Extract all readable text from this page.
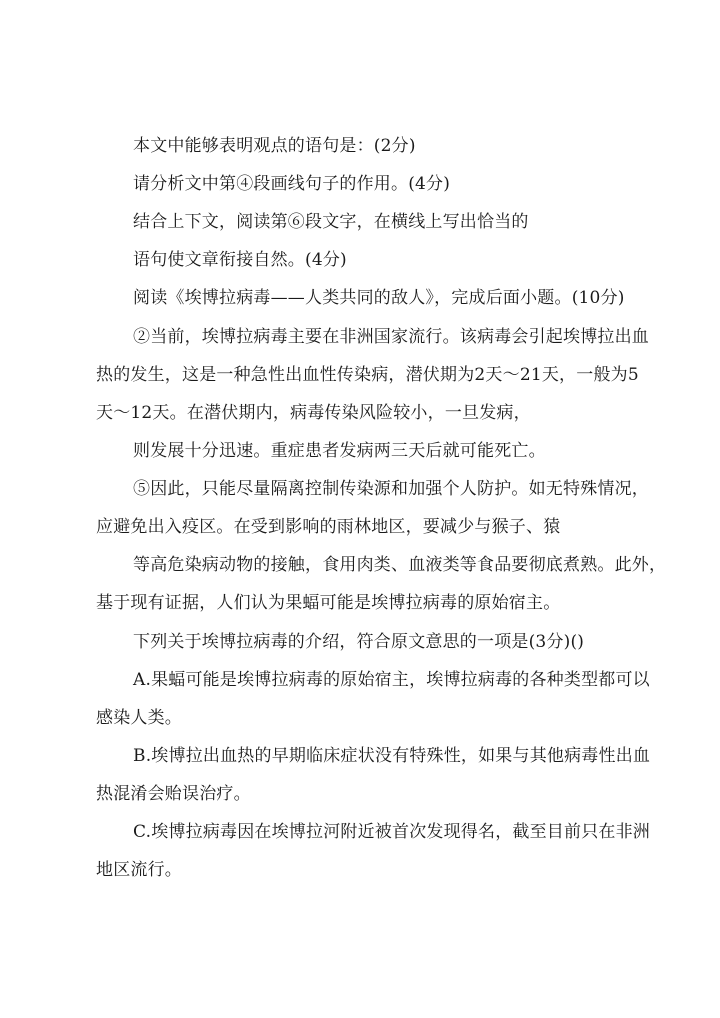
本文中能够表明观点的语句是：(2分)
请分析文中第④段画线句子的作用。(4分)
结合上下文，阅读第⑥段文字，在横线上写出恰当的
语句使文章衔接自然。(4分)
阅读《埃博拉病毒——人类共同的敌人》，完成后面小题。(10分)
②当前，埃博拉病毒主要在非洲国家流行。该病毒会引起埃博拉出血
热的发生，这是一种急性出血性传染病，潜伏期为2天～21天，一般为5
天～12天。在潜伏期内，病毒传染风险较小，一旦发病，
则发展十分迅速。重症患者发病两三天后就可能死亡。
⑤因此，只能尽量隔离控制传染源和加强个人防护。如无特殊情况，
应避免出入疫区。在受到影响的雨林地区，要减少与猴子、猿
等高危染病动物的接触，食用肉类、血液类等食品要彻底煮熟。此外，
基于现有证据，人们认为果蝠可能是埃博拉病毒的原始宿主。
下列关于埃博拉病毒的介绍，符合原文意思的一项是(3分)()
A.果蝠可能是埃博拉病毒的原始宿主，埃博拉病毒的各种类型都可以
感染人类。
B.埃博拉出血热的早期临床症状没有特殊性，如果与其他病毒性出血
热混淆会贻误治疗。
C.埃博拉病毒因在埃博拉河附近被首次发现得名，截至目前只在非洲
地区流行。
